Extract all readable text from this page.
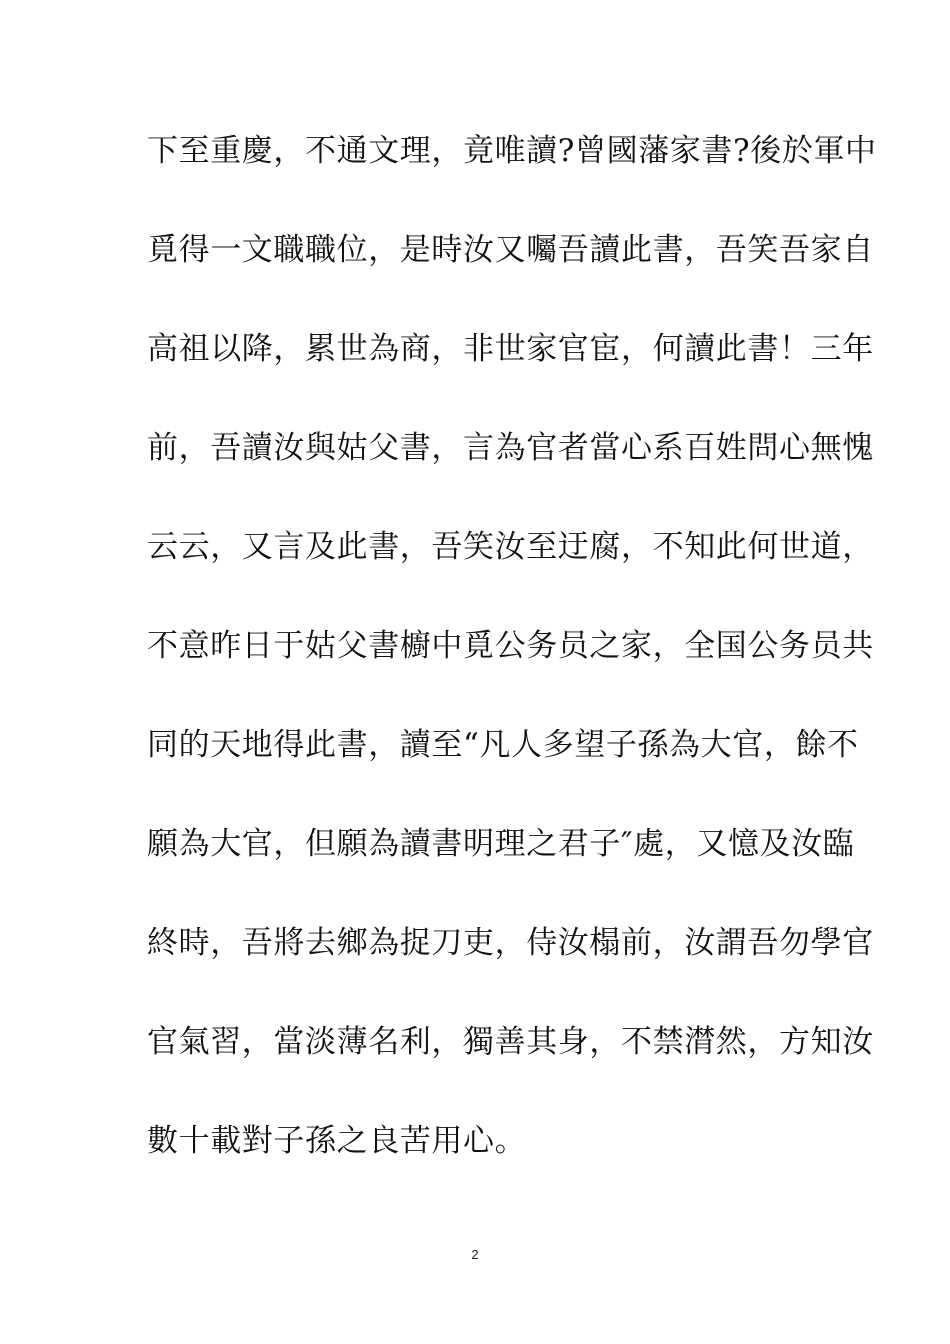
下至重慶，不通文理，竟唯讀?曾國藩家書?後於軍中
覓得一文職職位，是時汝又囑吾讀此書，吾笑吾家自
高祖以降，累世為商，非世家官宦，何讀此書！三年
前，吾讀汝與姑父書，言為官者當心系百姓問心無愧
云云，又言及此書，吾笑汝至迂腐，不知此何世道，
不意昨日于姑父書櫥中覓公务员之家，全国公务员共
同的天地得此書，讀至“凡人多望子孫為大官，餘不
願為大官，但願為讀書明理之君子″處，又憶及汝臨
終時，吾將去鄉為捉刀吏，侍汝榻前，汝謂吾勿學官
官氣習，當淡薄名利，獨善其身，不禁潸然，方知汝
數十載對子孫之良苦用心。
2
